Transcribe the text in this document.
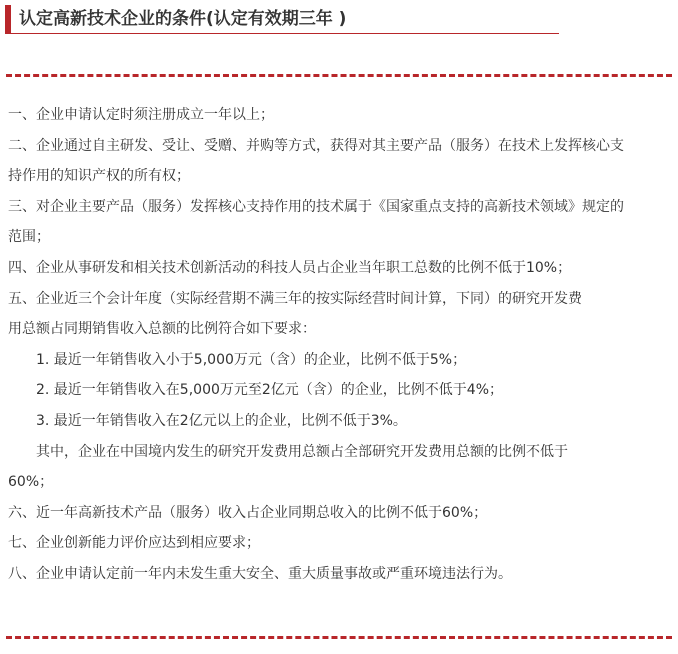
认定高新技术企业的条件(认定有效期三年 )

一、企业申请认定时须注册成立一年以上；

二、企业通过自主研发、受让、受赠、并购等方式，获得对其主要产品（服务）在技术上发挥核心支

持作用的知识产权的所有权；

三、对企业主要产品（服务）发挥核心支持作用的技术属于《国家重点支持的高新技术领域》规定的

范围；

四、企业从事研发和相关技术创新活动的科技人员占企业当年职工总数的比例不低于10%；

五、企业近三个会计年度（实际经营期不满三年的按实际经营时间计算，下同）的研究开发费

用总额占同期销售收入总额的比例符合如下要求：

1. 最近一年销售收入小于5,000万元（含）的企业，比例不低于5%；

2. 最近一年销售收入在5,000万元至2亿元（含）的企业，比例不低于4%；

3. 最近一年销售收入在2亿元以上的企业，比例不低于3%。

其中，企业在中国境内发生的研究开发费用总额占全部研究开发费用总额的比例不低于

60%；

六、近一年高新技术产品（服务）收入占企业同期总收入的比例不低于60%；

七、企业创新能力评价应达到相应要求；

八、企业申请认定前一年内未发生重大安全、重大质量事故或严重环境违法行为。
